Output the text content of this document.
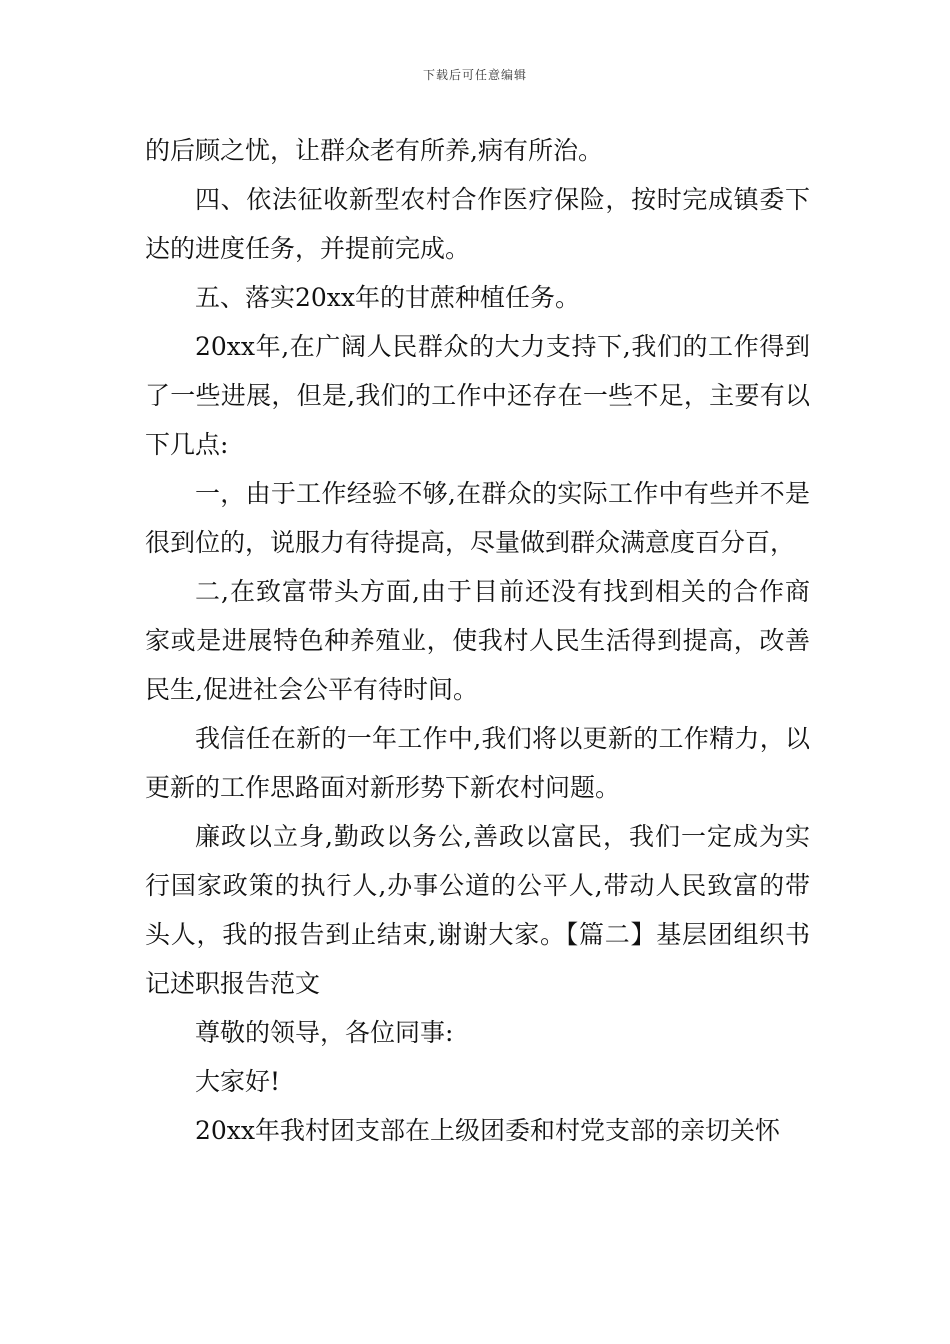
下载后可任意编辑

的后顾之忧，让群众老有所养,病有所治。

四、依法征收新型农村合作医疗保险，按时完成镇委下达的进度任务，并提前完成。

五、落实20xx年的甘蔗种植任务。

20xx年,在广阔人民群众的大力支持下,我们的工作得到了一些进展，但是,我们的工作中还存在一些不足，主要有以下几点:

一，由于工作经验不够,在群众的实际工作中有些并不是很到位的，说服力有待提高，尽量做到群众满意度百分百，

二,在致富带头方面,由于目前还没有找到相关的合作商家或是进展特色种养殖业，使我村人民生活得到提高，改善民生,促进社会公平有待时间。

我信任在新的一年工作中,我们将以更新的工作精力，以更新的工作思路面对新形势下新农村问题。

廉政以立身,勤政以务公,善政以富民，我们一定成为实行国家政策的执行人,办事公道的公平人,带动人民致富的带头人，我的报告到止结束,谢谢大家。【篇二】基层团组织书记述职报告范文

尊敬的领导，各位同事:

大家好!

20xx年我村团支部在上级团委和村党支部的亲切关怀
